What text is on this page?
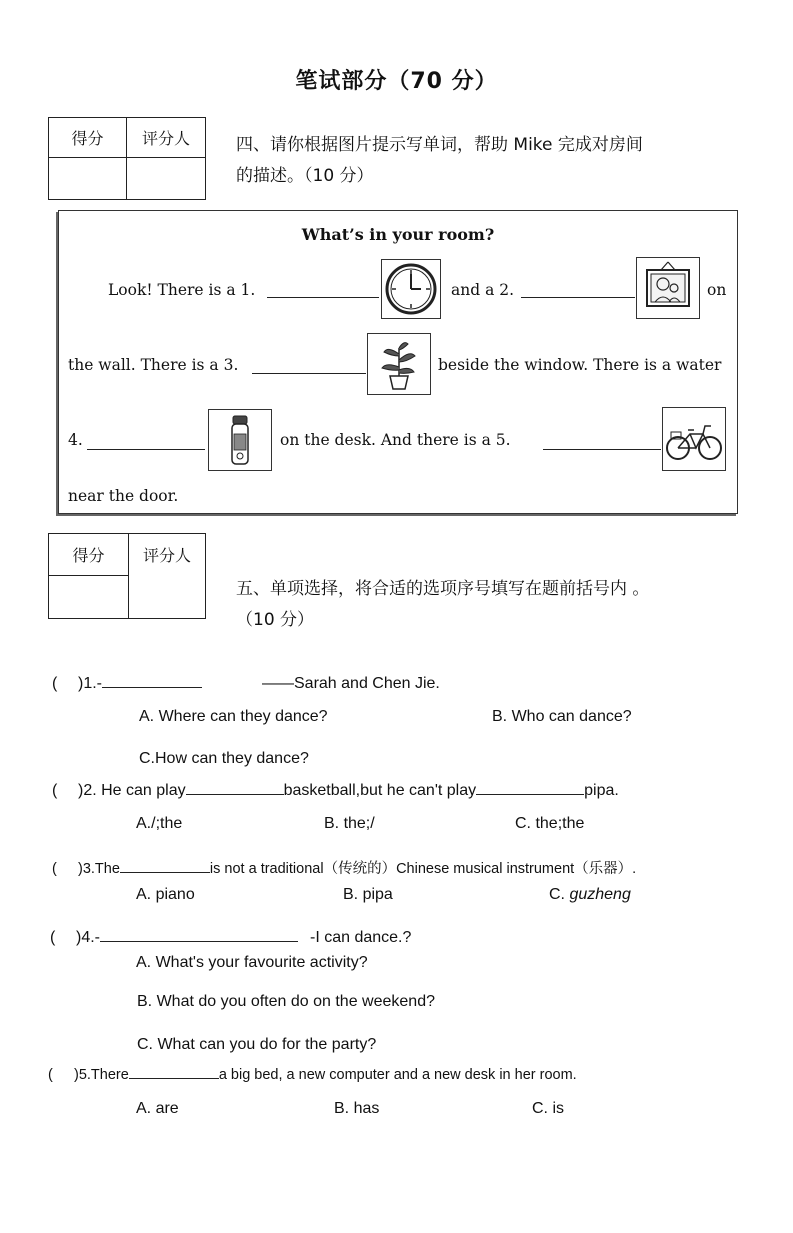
笔试部分（70 分）
得分	评分人
		四、请你根据图片提示写单词，帮助 Mike 完成对房间
的描述。（10 分）
What’s in your room?
Look! There is a 1.	and a 2.	on
the wall. There is a 3.	beside the window. There is a water
4.	on the desk. And there is a 5.
near the door.
得分	评分人

五、单项选择，将合适的选项序号填写在题前括号内 。
（10 分）
( )1.-	——Sarah and Chen Jie.
A. Where can they dance?	B. Who can dance?
C.How can they dance?
( )2. He can play	basketball,but he can't play	pipa.
A./;the	B. the;/	C. the;the
( )3.The	is not a traditional（传统的）Chinese musical instrument（乐器）.
A. piano	B. pipa	C. guzheng
( )4.-	-I can dance.?
A. What's your favourite activity?
B. What do you often do on the weekend?
C. What can you do for the party?
( )5.There	a big bed, a new computer and a new desk in her room.
A. are	B. has	C. is
